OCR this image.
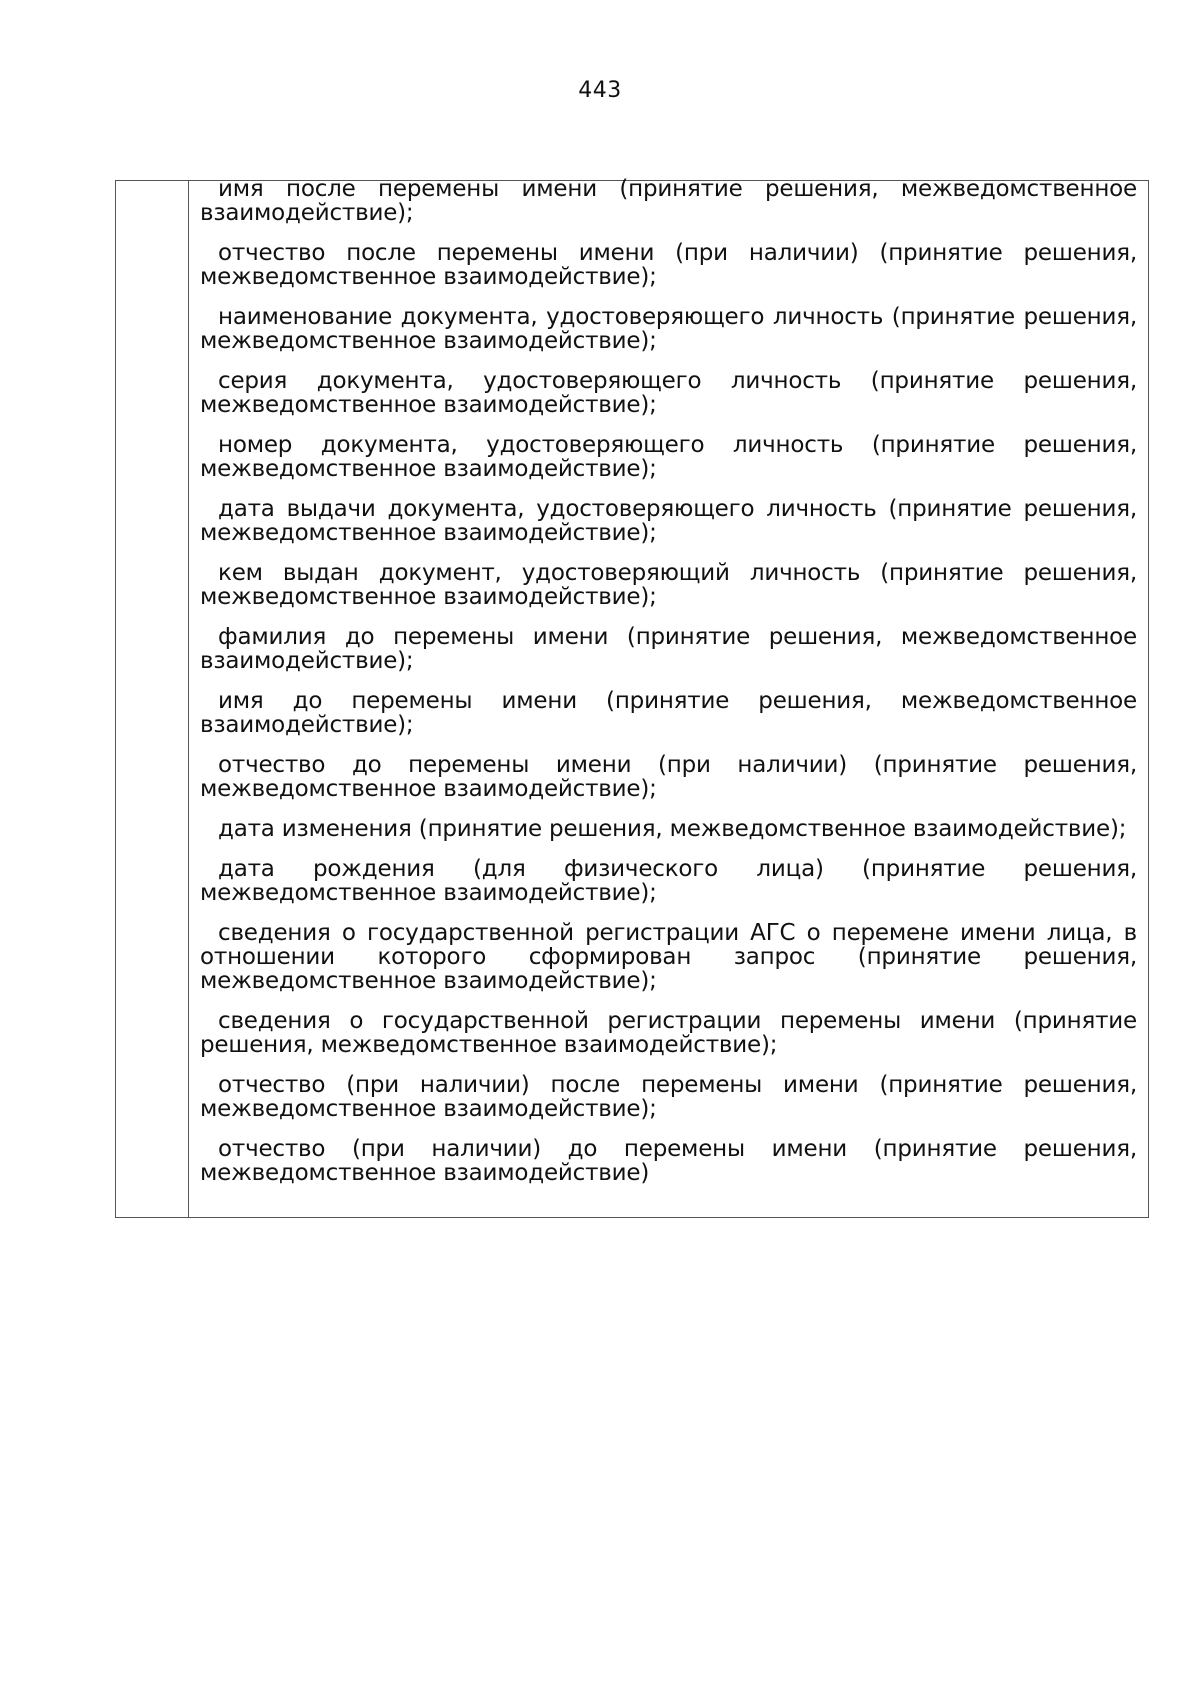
443

имя после перемены имени (принятие решения, межведомственное взаимодействие);

отчество после перемены имени (при наличии) (принятие решения, межведомственное взаимодействие);

наименование документа, удостоверяющего личность (принятие решения, межведомственное взаимодействие);

серия документа, удостоверяющего личность (принятие решения, межведомственное взаимодействие);

номер документа, удостоверяющего личность (принятие решения, межведомственное взаимодействие);

дата выдачи документа, удостоверяющего личность (принятие решения, межведомственное взаимодействие);

кем выдан документ, удостоверяющий личность (принятие решения, межведомственное взаимодействие);

фамилия до перемены имени (принятие решения, межведомственное взаимодействие);

имя до перемены имени (принятие решения, межведомственное взаимодействие);

отчество до перемены имени (при наличии) (принятие решения, межведомственное взаимодействие);

дата изменения (принятие решения, межведомственное взаимодействие);

дата рождения (для физического лица) (принятие решения, межведомственное взаимодействие);

сведения о государственной регистрации АГС о перемене имени лица, в отношении которого сформирован запрос (принятие решения, межведомственное взаимодействие);

сведения о государственной регистрации перемены имени (принятие решения, межведомственное взаимодействие);

отчество (при наличии) после перемены имени (принятие решения, межведомственное взаимодействие);

отчество (при наличии) до перемены имени (принятие решения, межведомственное взаимодействие)
